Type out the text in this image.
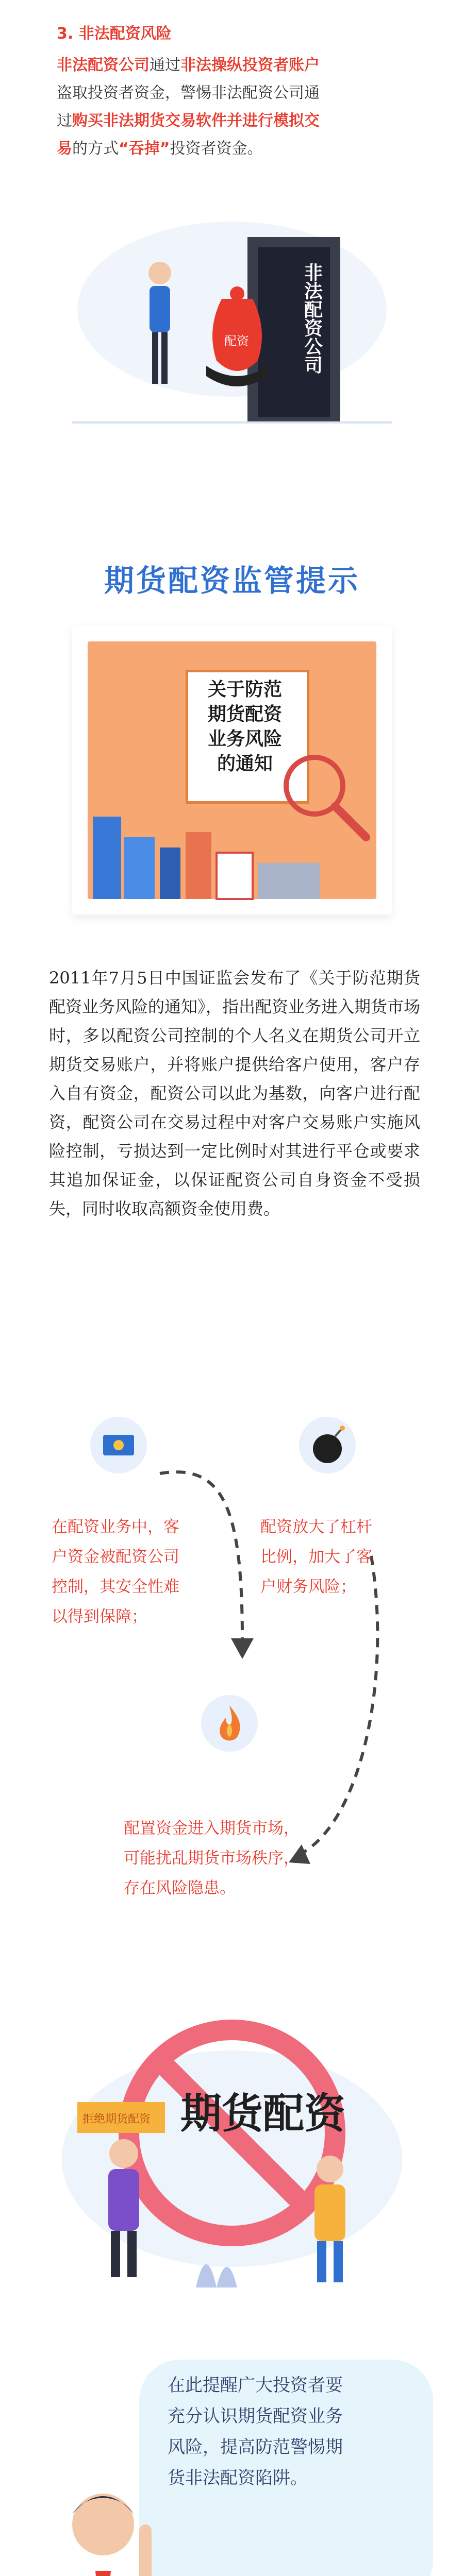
3. 非法配资风险
非法配资公司通过非法操纵投资者账户
盗取投资者资金，警惕非法配资公司通
过购买非法期货交易软件并进行模拟交
易的方式“吞掉”投资者资金。
非法配资公司
配资
期货配资监管提示
关于防范
期货配资
业务风险
的通知
2011年7月5日中国证监会发布了《关于防范期货配资业务风险的通知》，指出配资业务进入期货市场时，多以配资公司控制的个人名义在期货公司开立期货交易账户，并将账户提供给客户使用，客户存入自有资金，配资公司以此为基数，向客户进行配资，配资公司在交易过程中对客户交易账户实施风险控制，亏损达到一定比例时对其进行平仓或要求其追加保证金，以保证配资公司自身资金不受损失，同时收取高额资金使用费。
在配资业务中，客
户资金被配资公司
控制，其安全性难
以得到保障；
配资放大了杠杆
比例，加大了客
户财务风险；
配置资金进入期货市场，
可能扰乱期货市场秩序，
存在风险隐患。
期货配资
拒绝期货配资
在此提醒广大投资者要
充分认识期货配资业务
风险，提高防范警惕期
货非法配资陷阱。
